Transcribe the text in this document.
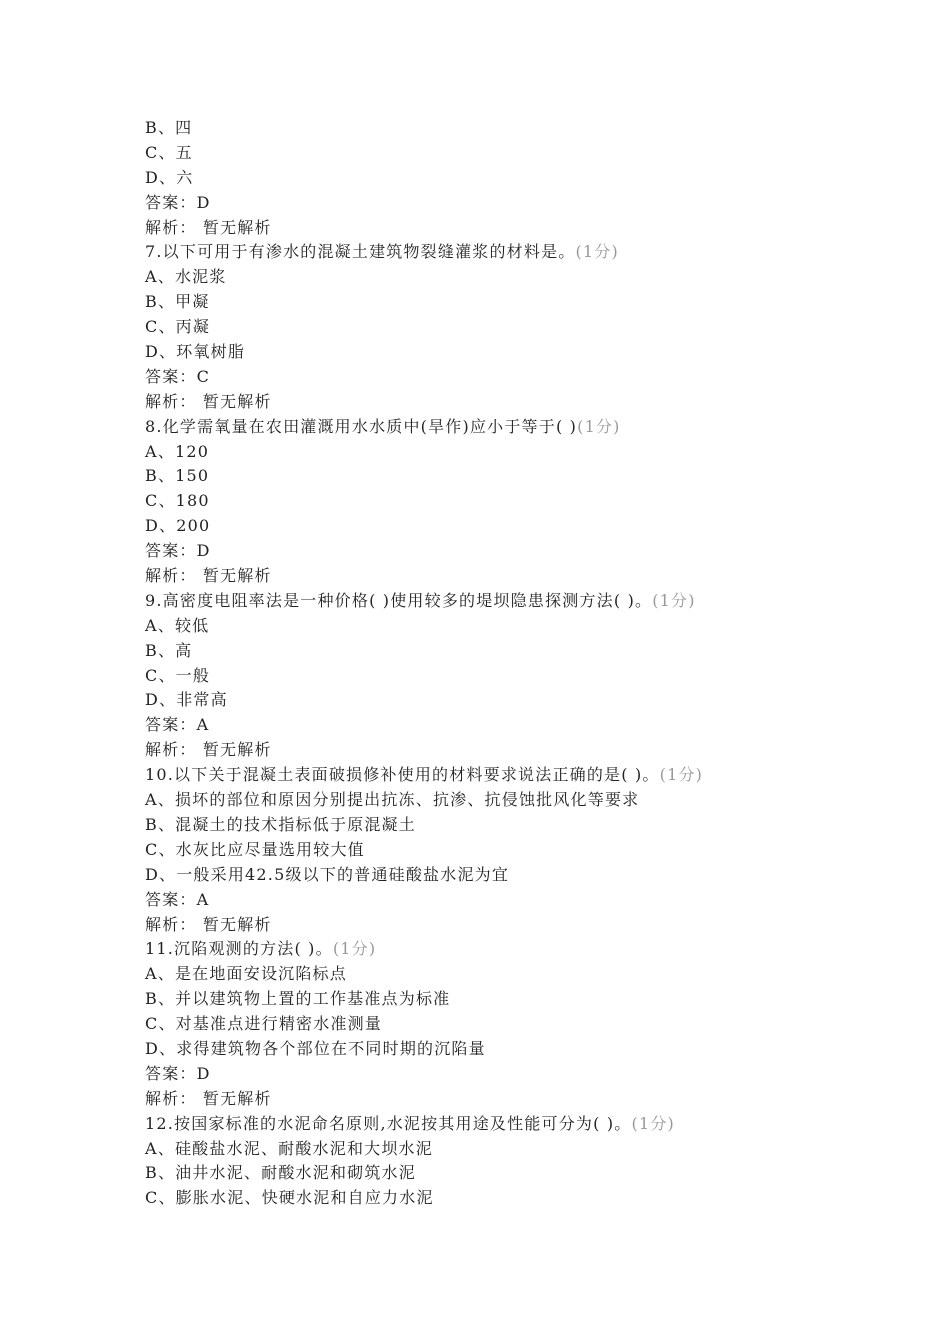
B、四
C、五
D、六
答案：D
解析： 暂无解析
7.以下可用于有渗水的混凝土建筑物裂缝灌浆的材料是。(1分)
A、水泥浆
B、甲凝
C、丙凝
D、环氧树脂
答案：C
解析： 暂无解析
8.化学需氧量在农田灌溉用水水质中(旱作)应小于等于( )(1分)
A、120
B、150
C、180
D、200
答案：D
解析： 暂无解析
9.高密度电阻率法是一种价格( )使用较多的堤坝隐患探测方法( )。(1分)
A、较低
B、高
C、一般
D、非常高
答案：A
解析： 暂无解析
10.以下关于混凝土表面破损修补使用的材料要求说法正确的是( )。(1分)
A、损坏的部位和原因分别提出抗冻、抗渗、抗侵蚀批风化等要求
B、混凝土的技术指标低于原混凝土
C、水灰比应尽量选用较大值
D、一般采用42.5级以下的普通硅酸盐水泥为宜
答案：A
解析： 暂无解析
11.沉陷观测的方法( )。(1分)
A、是在地面安设沉陷标点
B、并以建筑物上置的工作基准点为标准
C、对基准点进行精密水准测量
D、求得建筑物各个部位在不同时期的沉陷量
答案：D
解析： 暂无解析
12.按国家标准的水泥命名原则,水泥按其用途及性能可分为( )。(1分)
A、硅酸盐水泥、耐酸水泥和大坝水泥
B、油井水泥、耐酸水泥和砌筑水泥
C、膨胀水泥、快硬水泥和自应力水泥
